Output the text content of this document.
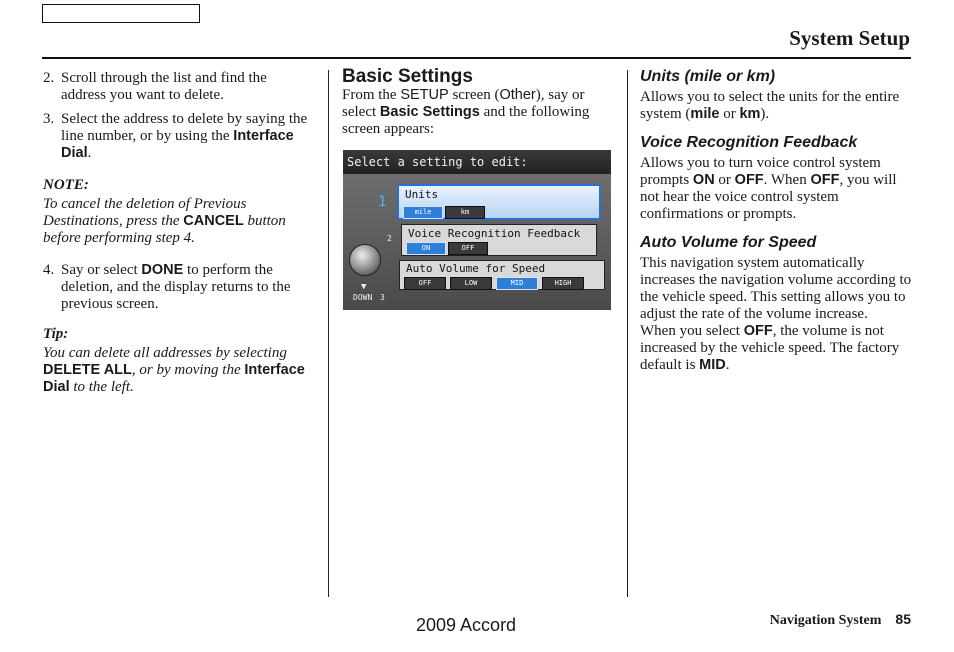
System Setup
2. Scroll through the list and find the address you want to delete.
3. Select the address to delete by saying the line number, or by using the Interface Dial.

NOTE:

To cancel the deletion of Previous Destinations, press the CANCEL button before performing step 4.

4. Say or select DONE to perform the deletion, and the display returns to the previous screen.

Tip:

You can delete all addresses by selecting DELETE ALL, or by moving the Interface Dial to the left.

Basic Settings

From the SETUP screen (Other), say or select Basic Settings and the following screen appears:

Select a setting to edit:
1
2
▼
DOWN 3
Units
mile	km
Voice Recognition Feedback
ON	OFF
Auto Volume for Speed
OFF	LOW	MID	HIGH
Units (mile or km)

Allows you to select the units for the entire system (mile or km).

Voice Recognition Feedback

Allows you to turn voice control system prompts ON or OFF. When OFF, you will not hear the voice control system confirmations or prompts.

Auto Volume for Speed

This navigation system automatically increases the navigation volume according to the vehicle speed. This setting allows you to adjust the rate of the volume increase.

When you select OFF, the volume is not increased by the vehicle speed. The factory default is MID.

2009 Accord	Navigation System 85
